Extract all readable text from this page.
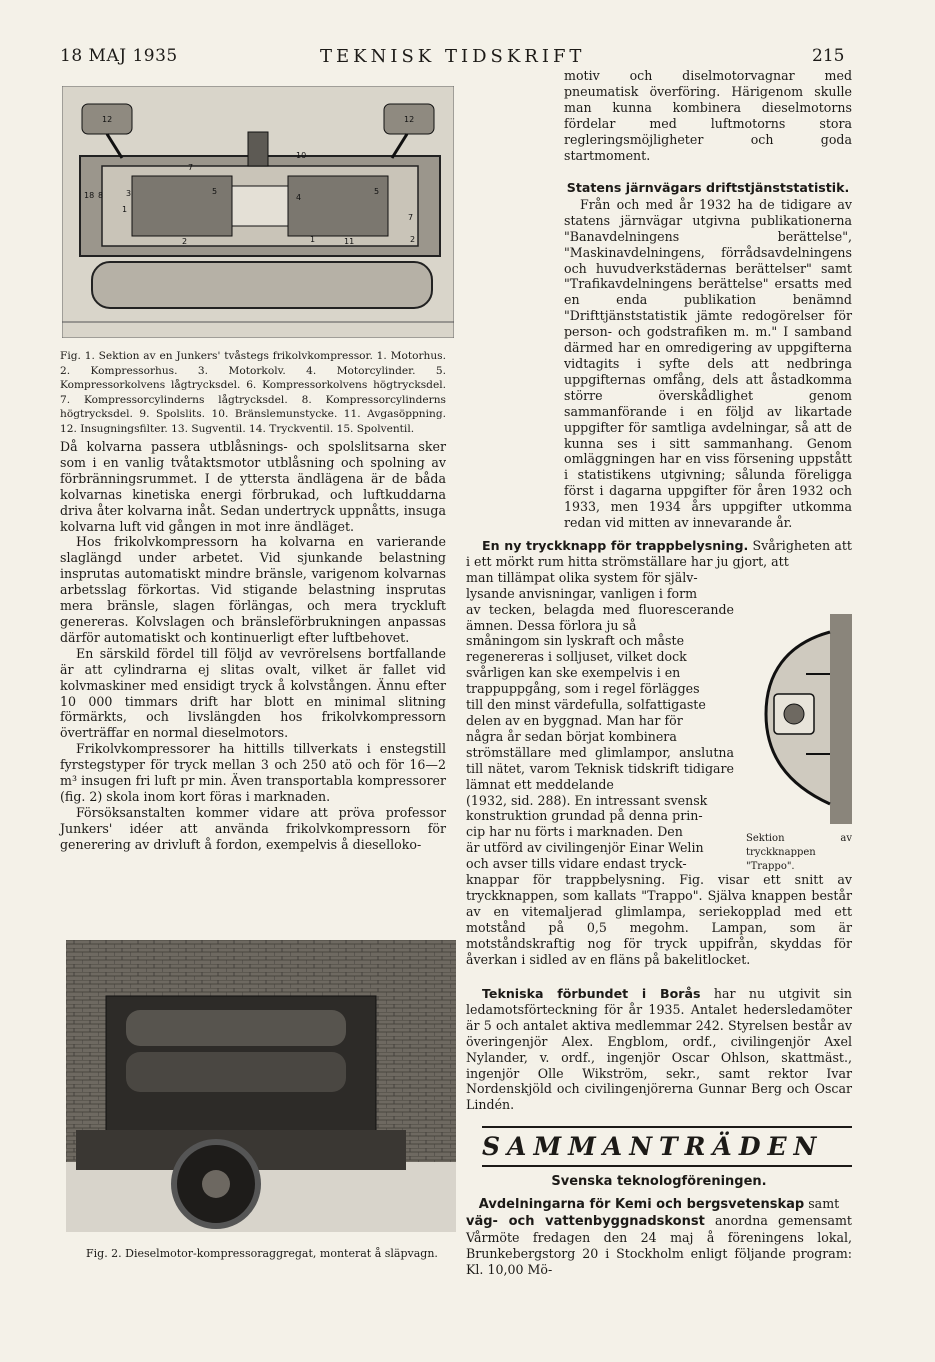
18 MAJ 1935	TEKNISK TIDSKRIFT	215
12	12
10
7
4
3	5	5
18 8
1
2	1	11	2
7
Fig. 1. Sektion av en Junkers' tvåstegs frikolvkompressor. 1. Motorhus. 2. Kompressorhus. 3. Motorkolv. 4. Motorcylinder. 5. Kompressorkolvens lågtrycksdel. 6. Kompressorkolvens högtrycksdel. 7. Kompressorcylinderns lågtrycksdel. 8. Kompressorcylinderns högtrycksdel. 9. Spolslits. 10. Bränslemunstycke. 11. Avgasöppning. 12. Insugningsfilter. 13. Sugventil. 14. Tryckventil. 15. Spolventil.

Då kolvarna passera utblåsnings- och spolslitsarna sker som i en vanlig tvåtaktsmotor utblåsning och spolning av förbränningsrummet. I de yttersta ändlägena är de båda kolvarnas kinetiska energi förbrukad, och luftkuddarna driva åter kolvarna inåt. Sedan undertryck uppnåtts, insuga kolvarna luft vid gången in mot inre ändläget.

Hos frikolvkompressorn ha kolvarna en varierande slaglängd under arbetet. Vid sjunkande belastning insprutas automatiskt mindre bränsle, varigenom kolvarnas arbetsslag förkortas. Vid stigande belastning insprutas mera bränsle, slagen förlängas, och mera tryckluft genereras. Kolvslagen och bränsleförbrukningen anpassas därför automatiskt och kontinuerligt efter luftbehovet.

En särskild fördel till följd av vevrörelsens bortfallande är att cylindrarna ej slitas ovalt, vilket är fallet vid kolvmaskiner med ensidigt tryck å kolvstången. Ännu efter 10 000 timmars drift har blott en minimal slitning förmärkts, och livslängden hos frikolvkompressorn överträffar en normal dieselmotors.

Frikolvkompressorer ha hittills tillverkats i enstegstill fyrstegstyper för tryck mellan 3 och 250 atö och för 16—2 m³ insugen fri luft pr min. Även transportabla kompressorer (fig. 2) skola inom kort föras i marknaden.

Försöksanstalten kommer vidare att pröva professor Junkers' idéer att använda frikolvkompressorn för generering av drivluft å fordon, exempelvis å dieselloko-

Fig. 2. Dieselmotor-kompressoraggregat, monterat å släpvagn.

motiv och diselmotorvagnar med pneumatisk överföring. Härigenom skulle man kunna kombinera dieselmotorns fördelar med luftmotorns stora regleringsmöjligheter och goda startmoment.

Statens järnvägars driftstjänststatistik.

Från och med år 1932 ha de tidigare av statens järnvägar utgivna publikationerna "Banavdelningens berättelse", "Maskinavdelningens, förrådsavdelningens och huvudverkstädernas berättelser" samt "Trafikavdelningens berättelse" ersatts med en enda publikation benämnd "Drifttjänststatistik jämte redogörelser för person- och godstrafiken m. m." I samband därmed har en omredigering av uppgifterna vidtagits i syfte dels att nedbringa uppgifternas omfång, dels att åstadkomma större överskådlighet genom sammanförande i en följd av likartade uppgifter för samtliga avdelningar, så att de kunna ses i sitt sammanhang. Genom omläggningen har en viss försening uppstått i statistikens utgivning; sålunda föreligga först i dagarna uppgifter för åren 1932 och 1933, men 1934 års uppgifter utkomma redan vid mitten av innevarande år.

En ny tryckknapp för trappbelysning. Svårigheten att i ett mörkt rum hitta strömställare har ju gjort, att

man tillämpat olika system för själv-

lysande anvisningar, vanligen i form

av tecken, belagda med fluorescerande ämnen. Dessa förlora ju så

småningom sin lyskraft och måste

regenereras i solljuset, vilket dock

svårligen kan ske exempelvis i en

trappuppgång, som i regel förlägges

till den minst värdefulla, solfattigaste

delen av en byggnad. Man har för

några år sedan börjat kombinera

strömställare med glimlampor, anslutna till nätet, varom Teknisk tidskrift tidigare lämnat ett meddelande

(1932, sid. 288). En intressant svensk

konstruktion grundad på denna prin-

cip har nu förts i marknaden. Den

är utförd av civilingenjör Einar Welin

och avser tills vidare endast tryck-

knappar för trappbelysning. Fig. visar ett snitt av tryckknappen, som kallats "Trappo". Själva knappen består av en vitemaljerad glimlampa, seriekopplad med ett motstånd på 0,5 megohm. Lampan, som är motståndskraftig nog för tryck uppifrån, skyddas för åverkan i sidled av en fläns på bakelitlocket.

Sektion av tryckknappen "Trappo".

Tekniska förbundet i Borås har nu utgivit sin ledamotsförteckning för år 1935. Antalet hedersledamöter är 5 och antalet aktiva medlemmar 242. Styrelsen består av överingenjör Alex. Engblom, ordf., civilingenjör Axel Nylander, v. ordf., ingenjör Oscar Ohlson, skattmäst., ingenjör Olle Wikström, sekr., samt rektor Ivar Nordenskjöld och civilingenjörerna Gunnar Berg och Oscar Lindén.

SAMMANTRÄDEN
Svenska teknologföreningen.

Avdelningarna för Kemi och bergsvetenskap samt

väg- och vattenbyggnadskonst anordna gemensamt Vårmöte fredagen den 24 maj å föreningens lokal, Brunkebergstorg 20 i Stockholm enligt följande program: Kl. 10,00 Mö-
